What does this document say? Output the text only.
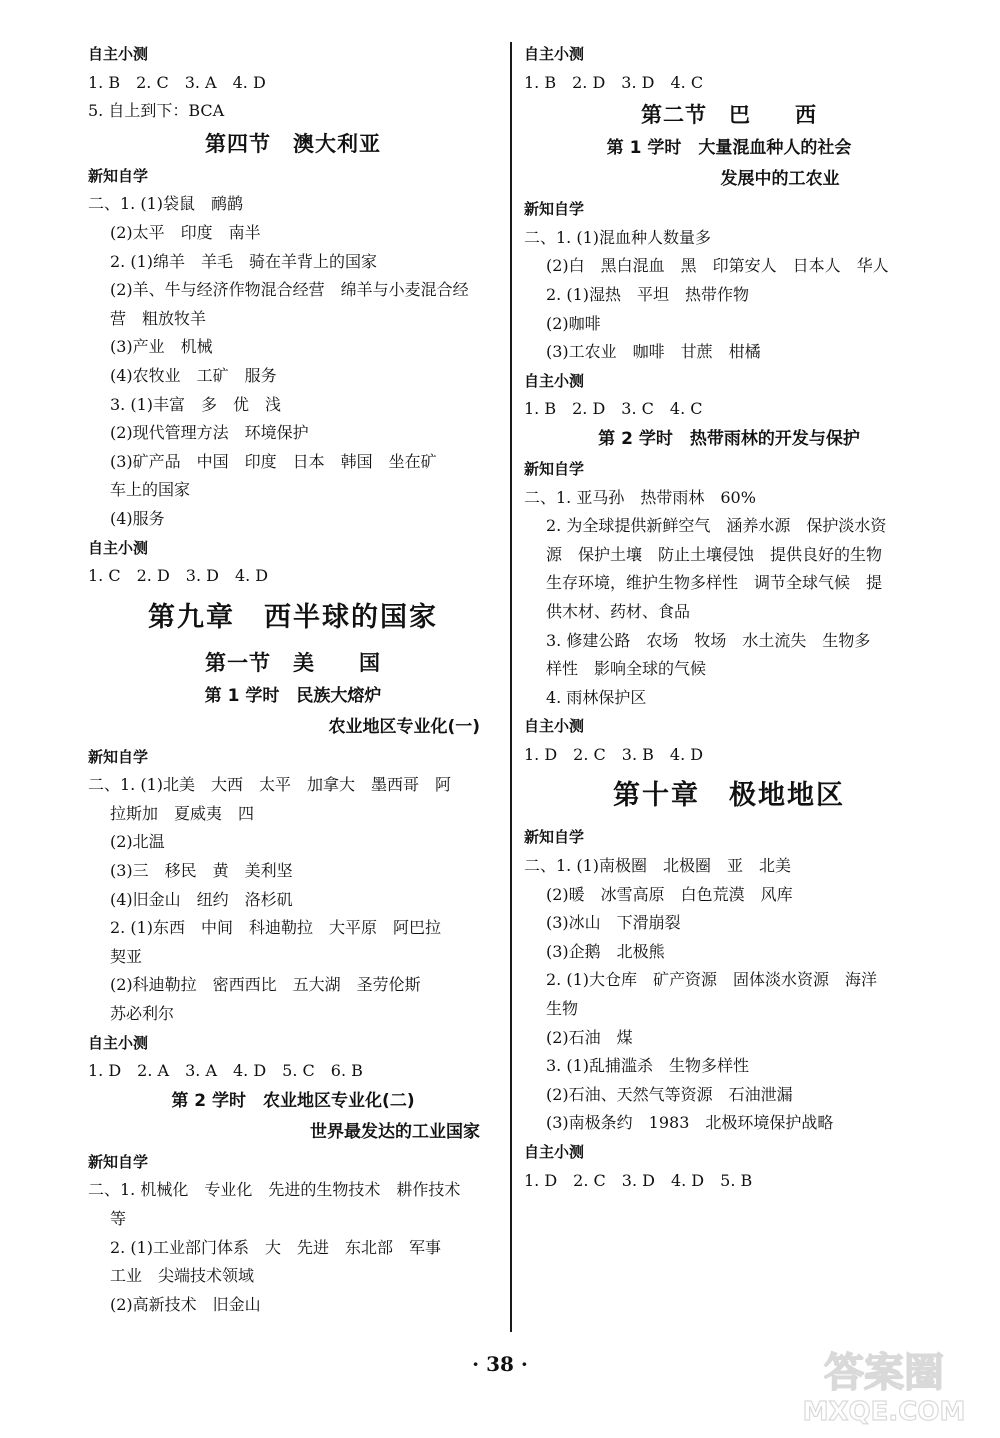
自主小测
1. B　2. C　3. A　4. D
5. 自上到下：BCA
第四节　澳大利亚
新知自学
二、1. (1)袋鼠　鸸鹋
(2)太平　印度　南半
2. (1)绵羊　羊毛　骑在羊背上的国家
(2)羊、牛与经济作物混合经营　绵羊与小麦混合经
营　粗放牧羊
(3)产业　机械
(4)农牧业　工矿　服务
3. (1)丰富　多　优　浅
(2)现代管理方法　环境保护
(3)矿产品　中国　印度　日本　韩国　坐在矿
车上的国家
(4)服务
自主小测
1. C　2. D　3. D　4. D
第九章　西半球的国家
第一节　美　　国
第 1 学时　民族大熔炉
农业地区专业化(一)
新知自学
二、1. (1)北美　大西　太平　加拿大　墨西哥　阿
拉斯加　夏威夷　四
(2)北温
(3)三　移民　黄　美利坚
(4)旧金山　纽约　洛杉矶
2. (1)东西　中间　科迪勒拉　大平原　阿巴拉
契亚
(2)科迪勒拉　密西西比　五大湖　圣劳伦斯
苏必利尔
自主小测
1. D　2. A　3. A　4. D　5. C　6. B
第 2 学时　农业地区专业化(二)
世界最发达的工业国家
新知自学
二、1. 机械化　专业化　先进的生物技术　耕作技术
等
2. (1)工业部门体系　大　先进　东北部　军事
工业　尖端技术领域
(2)高新技术　旧金山
自主小测
1. B　2. D　3. D　4. C
第二节　巴　　西
第 1 学时　大量混血种人的社会
　　　　　　发展中的工农业
新知自学
二、1. (1)混血种人数量多
(2)白　黑白混血　黑　印第安人　日本人　华人
2. (1)湿热　平坦　热带作物
(2)咖啡
(3)工农业　咖啡　甘蔗　柑橘
自主小测
1. B　2. D　3. C　4. C
第 2 学时　热带雨林的开发与保护
新知自学
二、1. 亚马孙　热带雨林　60%
2. 为全球提供新鲜空气　涵养水源　保护淡水资
源　保护土壤　防止土壤侵蚀　提供良好的生物
生存环境，维护生物多样性　调节全球气候　提
供木材、药材、食品
3. 修建公路　农场　牧场　水土流失　生物多
样性　影响全球的气候
4. 雨林保护区
自主小测
1. D　2. C　3. B　4. D
第十章　极地地区
新知自学
二、1. (1)南极圈　北极圈　亚　北美
(2)暖　冰雪高原　白色荒漠　风库
(3)冰山　下滑崩裂
(3)企鹅　北极熊
2. (1)大仓库　矿产资源　固体淡水资源　海洋
生物
(2)石油　煤
3. (1)乱捕滥杀　生物多样性
(2)石油、天然气等资源　石油泄漏
(3)南极条约　1983　北极环境保护战略
自主小测
1. D　2. C　3. D　4. D　5. B
· 38 ·	答案圈
MXQE.COM
